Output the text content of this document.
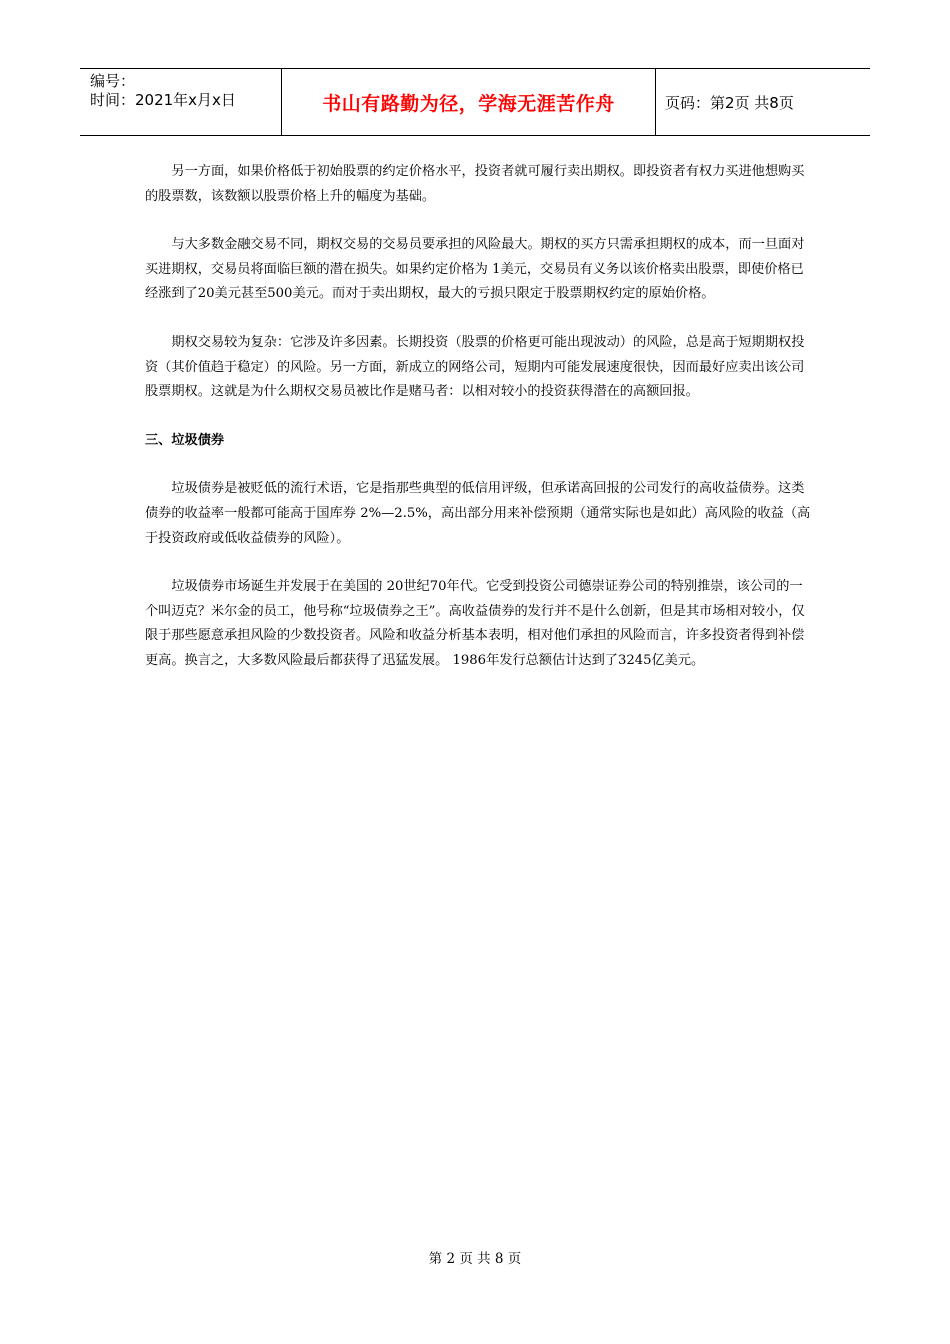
编号：
时间：2021年x月x日	书山有路勤为径，学海无涯苦作舟	页码：第2页 共8页

另一方面，如果价格低于初始股票的约定价格水平，投资者就可履行卖出期权。即投资者有权力买进他想购买的股票数，该数额以股票价格上升的幅度为基础。

与大多数金融交易不同，期权交易的交易员要承担的风险最大。期权的买方只需承担期权的成本，而一旦面对买进期权，交易员将面临巨额的潜在损失。如果约定价格为 1美元，交易员有义务以该价格卖出股票，即使价格已经涨到了20美元甚至500美元。而对于卖出期权，最大的亏损只限定于股票期权约定的原始价格。

期权交易较为复杂：它涉及许多因素。长期投资（股票的价格更可能出现波动）的风险，总是高于短期期权投资（其价值趋于稳定）的风险。另一方面，新成立的网络公司，短期内可能发展速度很快，因而最好应卖出该公司股票期权。这就是为什么期权交易员被比作是赌马者：以相对较小的投资获得潜在的高额回报。

三、垃圾债券

垃圾债券是被贬低的流行术语，它是指那些典型的低信用评级，但承诺高回报的公司发行的高收益债券。这类债券的收益率一般都可能高于国库券 2%—2.5%，高出部分用来补偿预期（通常实际也是如此）高风险的收益（高于投资政府或低收益债券的风险）。

垃圾债券市场诞生并发展于在美国的 20世纪70年代。它受到投资公司德崇证券公司的特别推崇，该公司的一个叫迈克？米尔金的员工，他号称“垃圾债券之王”。高收益债券的发行并不是什么创新，但是其市场相对较小，仅限于那些愿意承担风险的少数投资者。风险和收益分析基本表明，相对他们承担的风险而言，许多投资者得到补偿更高。换言之，大多数风险最后都获得了迅猛发展。 1986年发行总额估计达到了3245亿美元。

第 2 页 共 8 页
